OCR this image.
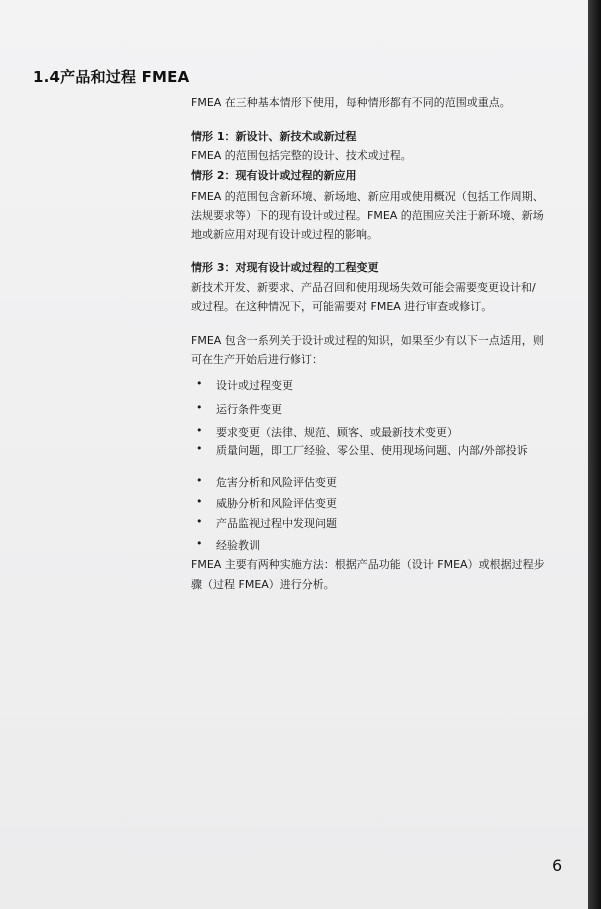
1.4产品和过程 FMEA

FMEA 在三种基本情形下使用，每种情形都有不同的范围或重点。

情形 1：新设计、新技术或新过程

FMEA 的范围包括完整的设计、技术或过程。

情形 2：现有设计或过程的新应用

FMEA 的范围包含新环境、新场地、新应用或使用概况（包括工作周期、

法规要求等）下的现有设计或过程。FMEA 的范围应关注于新环境、新场

地或新应用对现有设计或过程的影响。

情形 3：对现有设计或过程的工程变更

新技术开发、新要求、产品召回和使用现场失效可能会需要变更设计和/

或过程。在这种情况下，可能需要对 FMEA 进行审查或修订。

FMEA 包含一系列关于设计或过程的知识，如果至少有以下一点适用，则

可在生产开始后进行修订：

• 设计或过程变更
• 运行条件变更
• 要求变更（法律、规范、顾客、或最新技术变更）
• 质量问题，即工厂经验、零公里、使用现场问题、内部/外部投诉
• 危害分析和风险评估变更
• 威胁分析和风险评估变更
• 产品监视过程中发现问题
• 经验教训

FMEA 主要有两种实施方法：根据产品功能（设计 FMEA）或根据过程步

骤（过程 FMEA）进行分析。

6
